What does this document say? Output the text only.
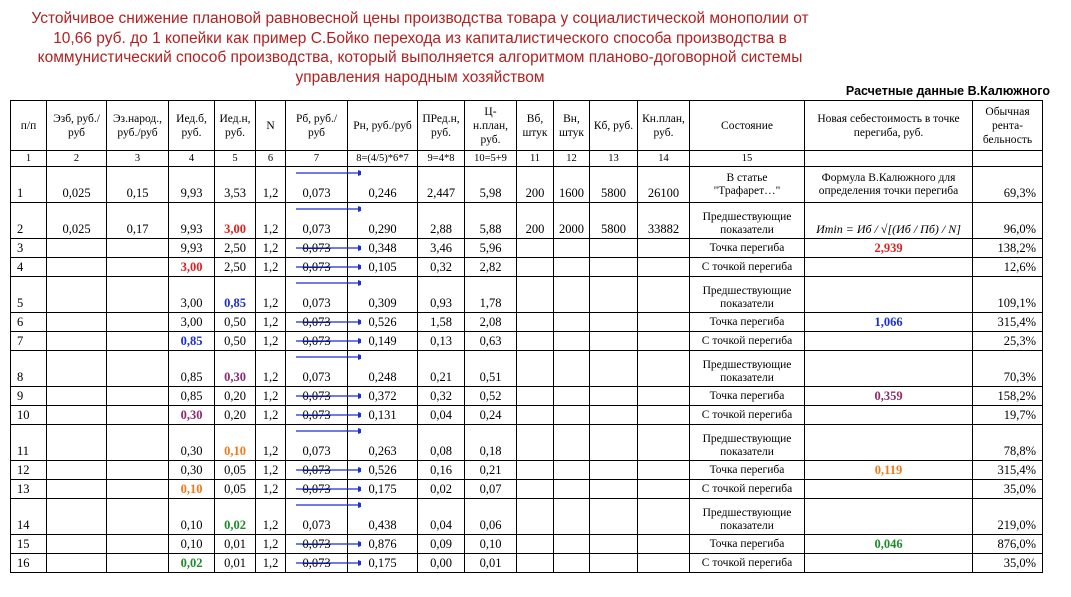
Устойчивое снижение плановой равновесной цены производства товара у социалистической монополии от 10,66 руб. до 1 копейки как пример С.Бойко перехода из капиталистического способа производства в коммунистический способ производства, который выполняется алгоритмом планово-договорной системы управления народным хозяйством
Расчетные данные В.Калюжного
п/п	Эзб, руб./руб	Эз.народ., руб./руб	Иед.б, руб.	Иед.н, руб.	N	Рб, руб./руб	Рн, руб./руб	ПРед.н, руб.	Ц-н.план, руб.	Вб, штук	Вн, штук	Кб, руб.	Кн.план, руб.	Состояние	Новая себестоимость в точке перегиба, руб.	Обычная рента-бельность
1	2	3	4	5	6	7	8=(4/5)*6*7	9=4*8	10=5+9	11	12	13	14	15		
1	0,025	0,15	9,93	3,53	1,2	0,073	0,246	2,447	5,98	200	1600	5800	26100	В статье "Трафарет…"	Формула В.Калюжного для определения точки перегиба	69,3%
2	0,025	0,17	9,93	3,00	1,2	0,073	0,290	2,88	5,88	200	2000	5800	33882	Предшествующие показатели	Иmin = Иб / √[(Иб / Пб) / N]	96,0%
3			9,93	2,50	1,2	0,073	0,348	3,46	5,96					Точка перегиба	2,939	138,2%
4			3,00	2,50	1,2	0,073	0,105	0,32	2,82					С точкой перегиба		12,6%
5			3,00	0,85	1,2	0,073	0,309	0,93	1,78					Предшествующие показатели		109,1%
6			3,00	0,50	1,2	0,073	0,526	1,58	2,08					Точка перегиба	1,066	315,4%
7			0,85	0,50	1,2	0,073	0,149	0,13	0,63					С точкой перегиба		25,3%
8			0,85	0,30	1,2	0,073	0,248	0,21	0,51					Предшествующие показатели		70,3%
9			0,85	0,20	1,2	0,073	0,372	0,32	0,52					Точка перегиба	0,359	158,2%
10			0,30	0,20	1,2	0,073	0,131	0,04	0,24					С точкой перегиба		19,7%
11			0,30	0,10	1,2	0,073	0,263	0,08	0,18					Предшествующие показатели		78,8%
12			0,30	0,05	1,2	0,073	0,526	0,16	0,21					Точка перегиба	0,119	315,4%
13			0,10	0,05	1,2	0,073	0,175	0,02	0,07					С точкой перегиба		35,0%
14			0,10	0,02	1,2	0,073	0,438	0,04	0,06					Предшествующие показатели		219,0%
15			0,10	0,01	1,2	0,073	0,876	0,09	0,10					Точка перегиба	0,046	876,0%
16			0,02	0,01	1,2	0,073	0,175	0,00	0,01					С точкой перегиба		35,0%
